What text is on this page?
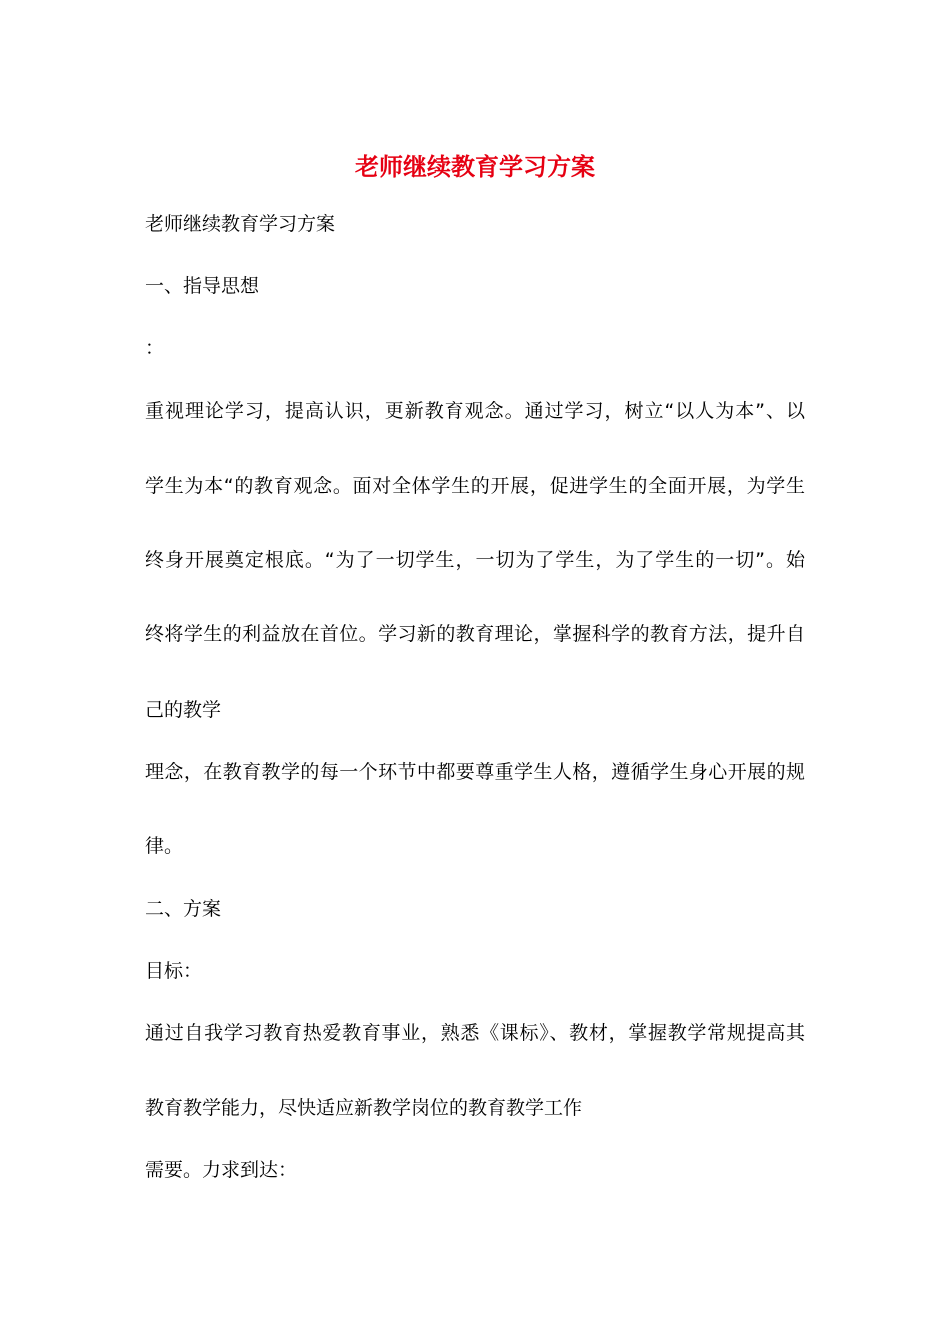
老师继续教育学习方案

老师继续教育学习方案

一、指导思想

：

重视理论学习，提高认识，更新教育观念。通过学习，树立“以人为本”、以

学生为本“的教育观念。面对全体学生的开展，促进学生的全面开展，为学生

终身开展奠定根底。“为了一切学生，一切为了学生，为了学生的一切”。始

终将学生的利益放在首位。学习新的教育理论，掌握科学的教育方法，提升自

己的教学

理念，在教育教学的每一个环节中都要尊重学生人格，遵循学生身心开展的规

律。

二、方案

目标：

通过自我学习教育热爱教育事业，熟悉《课标》、教材，掌握教学常规提高其

教育教学能力，尽快适应新教学岗位的教育教学工作

需要。力求到达：
